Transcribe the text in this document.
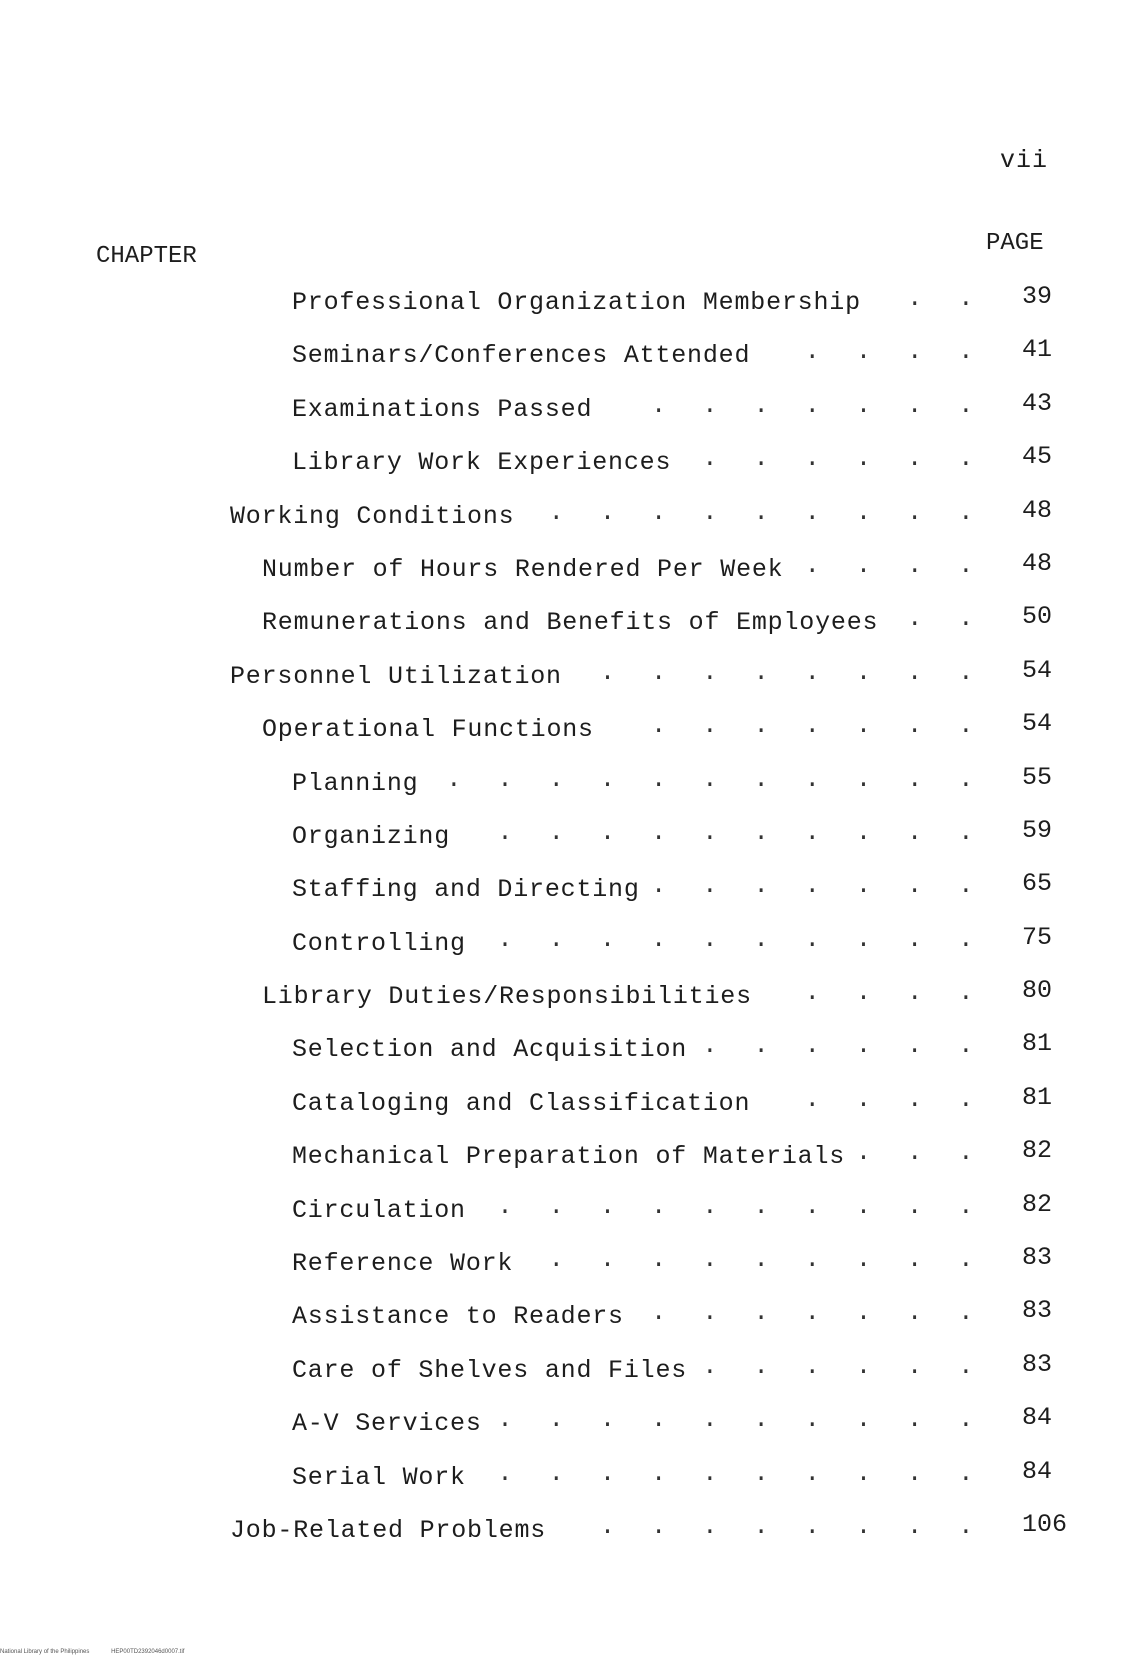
vii
PAGE
CHAPTER
Professional Organization Membership . . 39
Seminars/Conferences Attended . . . . 41
Examinations Passed . . . . . . . 43
Library Work Experiences . . . . . . 45
Working Conditions . . . . . . . . . 48
Number of Hours Rendered Per Week . . . . 48
Remunerations and Benefits of Employees . . 50
Personnel Utilization . . . . . . . . 54
Operational Functions . . . . . . . 54
Planning . . . . . . . . . . . 55
Organizing . . . . . . . . . . 59
Staffing and Directing . . . . . . . 65
Controlling . . . . . . . . . . 75
Library Duties/Responsibilities . . . . 80
Selection and Acquisition . . . . . . 81
Cataloging and Classification . . . . 81
Mechanical Preparation of Materials . . . 82
Circulation . . . . . . . . . . 82
Reference Work . . . . . . . . . 83
Assistance to Readers . . . . . . . 83
Care of Shelves and Files . . . . . . 83
A-V Services . . . . . . . . . . 84
Serial Work . . . . . . . . . . 84
Job-Related Problems . . . . . . . . 106
National Library of the Philippines	HEP00TD2392046d0007.tif
